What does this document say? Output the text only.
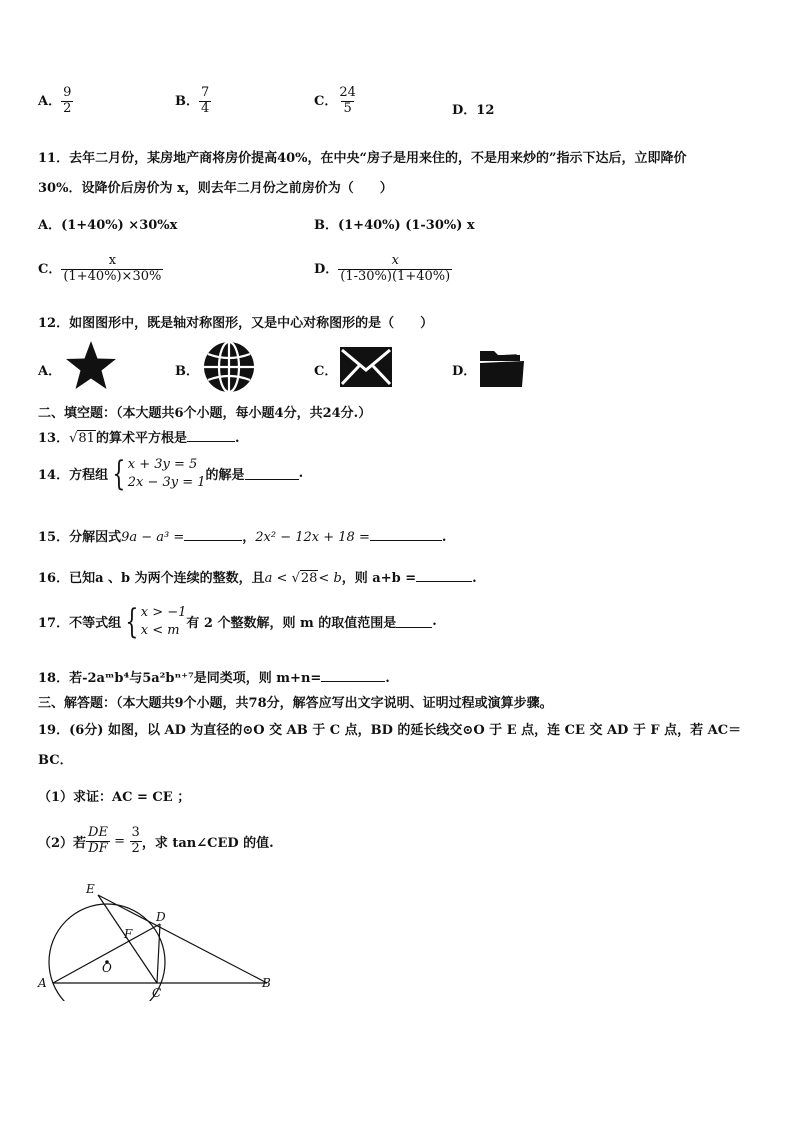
A． $\frac{9}{2}$	B． $\frac{7}{4}$	C． $\frac{24}{5}$	D．12
11．去年二月份，某房地产商将房价提高40%，在中央“房子是用来住的，不是用来炒的”指示下达后，立即降价
30%．设降价后房价为 x，则去年二月份之前房价为（　　）
A．(1+40%) ×30%x	B．(1+40%) (1-30%) x
C． $\frac{x}{(1+40\%)\times 30\%}$	D． $\frac{x}{(1-30\%)(1+40\%)}$
12．如图图形中，既是轴对称图形，又是中心对称图形的是（　　）
A．	B．	C．	D．
二、填空题：（本大题共6个小题，每小题4分，共24分.）
13．√81的算术平方根是	.
14．方程组 { x + 3y = 5
2x − 3y = 1 的解是	.
15．分解因式9a − a³ =	，2x² − 12x + 18 =	.
16．已知a 、b 为两个连续的整数，且a < √28< b，则 a+b =	.
17．不等式组 { x > −1
x < m 有 2 个整数解，则 m 的取值范围是	.
18．若-2aᵐb⁴与5a²bⁿ⁺⁷是同类项，则 m+n=	.
三、解答题：（本大题共9个小题，共78分，解答应写出文字说明、证明过程或演算步骤。
19．(6分) 如图，以 AD 为直径的⊙O 交 AB 于 C 点，BD 的延长线交⊙O 于 E 点，连 CE 交 AD 于 F 点，若 AC＝
BC．
（1）求证：AC = CE ；
（2）若 $\frac{DE}{DF} = \frac{3}{2}$ ，求 tan∠CED 的值.
E
D
F
O
A
C
B
